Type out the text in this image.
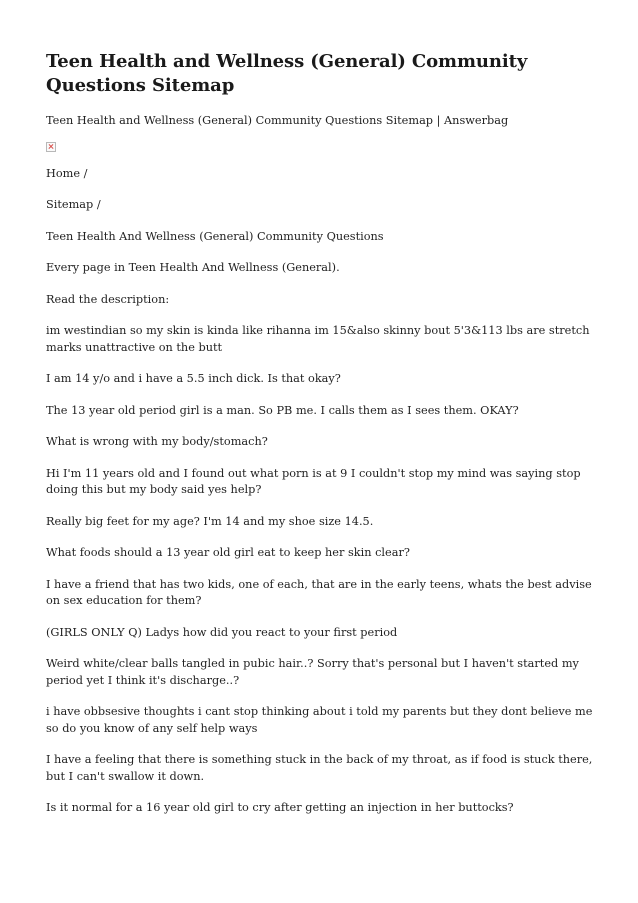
Teen Health and Wellness (General) Community Questions Sitemap

Teen Health and Wellness (General) Community Questions Sitemap | Answerbag

Home /

Sitemap /

Teen Health And Wellness (General) Community Questions

Every page in Teen Health And Wellness (General).

Read the description:

im westindian so my skin is kinda like rihanna im 15&also skinny bout 5'3&113 lbs are stretch marks unattractive on the butt

I am 14 y/o and i have a 5.5 inch dick. Is that okay?

The 13 year old period girl is a man. So PB me. I calls them as I sees them. OKAY?

What is wrong with my body/stomach?

Hi I'm 11 years old and I found out what porn is at 9 I couldn't stop my mind was saying stop doing this but my body said yes help?

Really big feet for my age? I'm 14 and my shoe size 14.5.

What foods should a 13 year old girl eat to keep her skin clear?

I have a friend that has two kids, one of each, that are in the early teens, whats the best advise on sex education for them?

(GIRLS ONLY Q) Ladys how did you react to your first period

Weird white/clear balls tangled in pubic hair..? Sorry that's personal but I haven't started my period yet I think it's discharge..?

i have obbsesive thoughts i cant stop thinking about i told my parents but they dont believe me so do you know of any self help ways

I have a feeling that there is something stuck in the back of my throat, as if food is stuck there, but I can't swallow it down.

Is it normal for a 16 year old girl to cry after getting an injection in her buttocks?
